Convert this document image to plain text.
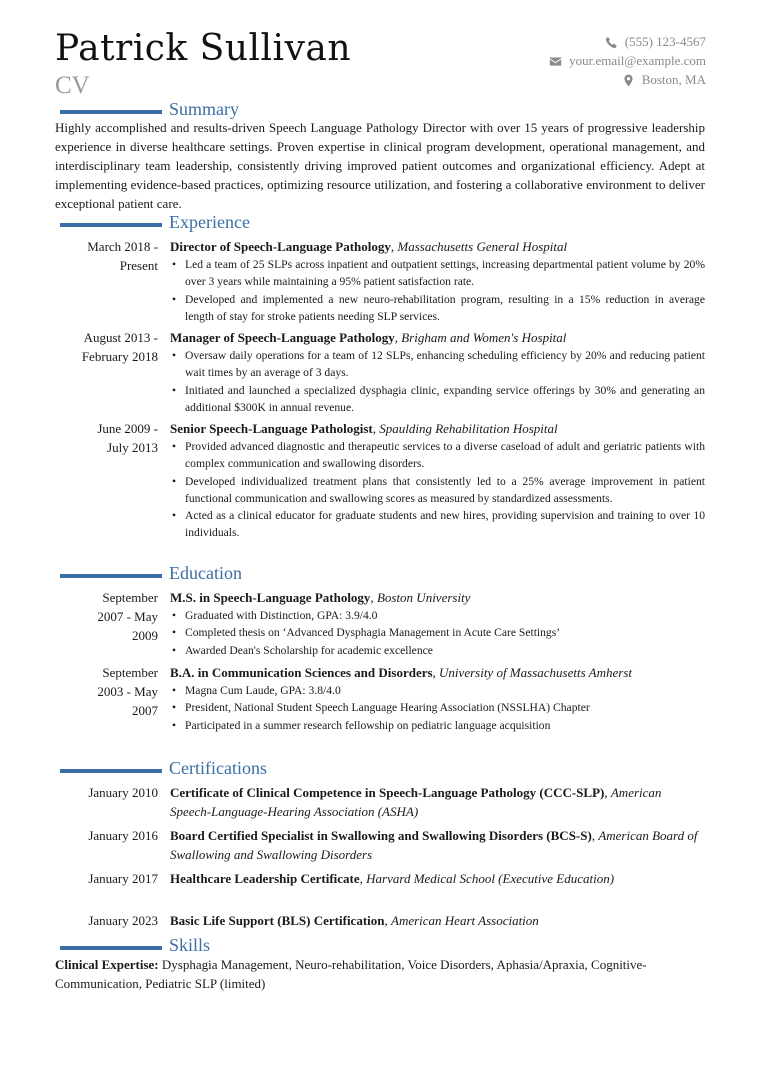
Patrick Sullivan
CV
(555) 123-4567
your.email@example.com
Boston, MA
Summary
Highly accomplished and results-driven Speech Language Pathology Director with over 15 years of progressive leadership experience in diverse healthcare settings. Proven expertise in clinical program development, operational management, and interdisciplinary team leadership, consistently driving improved patient outcomes and organizational efficiency. Adept at implementing evidence-based practices, optimizing resource utilization, and fostering a collaborative environment to deliver exceptional patient care.
Experience
March 2018 -
Present
Director of Speech-Language Pathology, Massachusetts General Hospital
• Led a team of 25 SLPs across inpatient and outpatient settings, increasing departmental patient volume by 20% over 3 years while maintaining a 95% patient satisfaction rate.
• Developed and implemented a new neuro-rehabilitation program, resulting in a 15% reduction in average length of stay for stroke patients needing SLP services.
August 2013 -
February 2018
Manager of Speech-Language Pathology, Brigham and Women's Hospital
• Oversaw daily operations for a team of 12 SLPs, enhancing scheduling efficiency by 20% and reducing patient wait times by an average of 3 days.
• Initiated and launched a specialized dysphagia clinic, expanding service offerings by 30% and generating an additional $300K in annual revenue.
June 2009 -
July 2013
Senior Speech-Language Pathologist, Spaulding Rehabilitation Hospital
• Provided advanced diagnostic and therapeutic services to a diverse caseload of adult and geriatric patients with complex communication and swallowing disorders.
• Developed individualized treatment plans that consistently led to a 25% average improvement in patient functional communication and swallowing scores as measured by standardized assessments.
• Acted as a clinical educator for graduate students and new hires, providing supervision and training to over 10 individuals.
Education
September
2007 - May
2009
M.S. in Speech-Language Pathology, Boston University
• Graduated with Distinction, GPA: 3.9/4.0
• Completed thesis on ‘Advanced Dysphagia Management in Acute Care Settings’
• Awarded Dean's Scholarship for academic excellence
September
2003 - May
2007
B.A. in Communication Sciences and Disorders, University of Massachusetts Amherst
• Magna Cum Laude, GPA: 3.8/4.0
• President, National Student Speech Language Hearing Association (NSSLHA) Chapter
• Participated in a summer research fellowship on pediatric language acquisition
Certifications
January 2010 Certificate of Clinical Competence in Speech-Language Pathology (CCC-SLP), American Speech-Language-Hearing Association (ASHA)
January 2016 Board Certified Specialist in Swallowing and Swallowing Disorders (BCS-S), American Board of Swallowing and Swallowing Disorders
January 2017 Healthcare Leadership Certificate, Harvard Medical School (Executive Education)
January 2023 Basic Life Support (BLS) Certification, American Heart Association
Skills
Clinical Expertise: Dysphagia Management, Neuro-rehabilitation, Voice Disorders, Aphasia/Apraxia, Cognitive-Communication, Pediatric SLP (limited)
